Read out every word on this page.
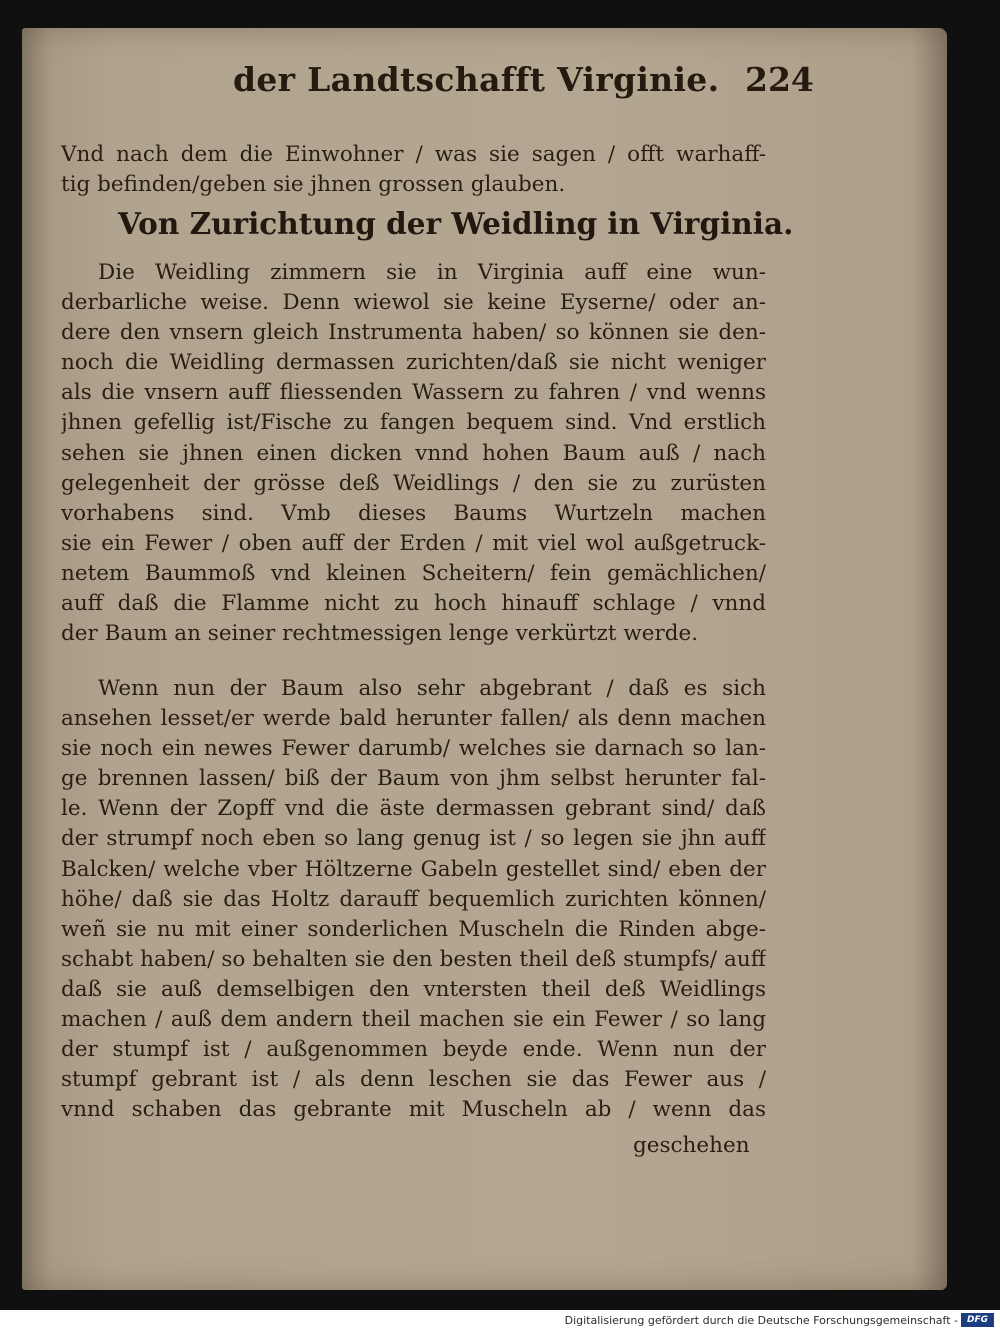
der Landtschafft Virginie. 224
Vnd nach dem die Einwohner / was sie sagen / offt warhaff-
tig befinden/geben sie jhnen grossen glauben.
Von Zurichtung der Weidling in Virginia.
Die Weidling zimmern sie in Virginia auff eine wun-
derbarliche weise. Denn wiewol sie keine Eyserne/ oder an-
dere den vnsern gleich Instrumenta haben/ so können sie den-
noch die Weidling dermassen zurichten/daß sie nicht weniger
als die vnsern auff fliessenden Wassern zu fahren / vnd wenns
jhnen gefellig ist/Fische zu fangen bequem sind. Vnd erstlich
sehen sie jhnen einen dicken vnnd hohen Baum auß / nach
gelegenheit der grösse deß Weidlings / den sie zu zurüsten
vorhabens sind. Vmb dieses Baums Wurtzeln machen
sie ein Fewer / oben auff der Erden / mit viel wol außgetruck-
netem Baummoß vnd kleinen Scheitern/ fein gemächlichen/
auff daß die Flamme nicht zu hoch hinauff schlage / vnnd
der Baum an seiner rechtmessigen lenge verkürtzt werde.
Wenn nun der Baum also sehr abgebrant / daß es sich
ansehen lesset/er werde bald herunter fallen/ als denn machen
sie noch ein newes Fewer darumb/ welches sie darnach so lan-
ge brennen lassen/ biß der Baum von jhm selbst herunter fal-
le. Wenn der Zopff vnd die äste dermassen gebrant sind/ daß
der strumpf noch eben so lang genug ist / so legen sie jhn auff
Balcken/ welche vber Höltzerne Gabeln gestellet sind/ eben der
höhe/ daß sie das Holtz darauff bequemlich zurichten können/
weñ sie nu mit einer sonderlichen Muscheln die Rinden abge-
schabt haben/ so behalten sie den besten theil deß stumpfs/ auff
daß sie auß demselbigen den vntersten theil deß Weidlings
machen / auß dem andern theil machen sie ein Fewer / so lang
der stumpf ist / außgenommen beyde ende. Wenn nun der
stumpf gebrant ist / als denn leschen sie das Fewer aus /
vnnd schaben das gebrante mit Muscheln ab / wenn das
geschehen
Digitalisierung gefördert durch die Deutsche Forschungsgemeinschaft - DFG
